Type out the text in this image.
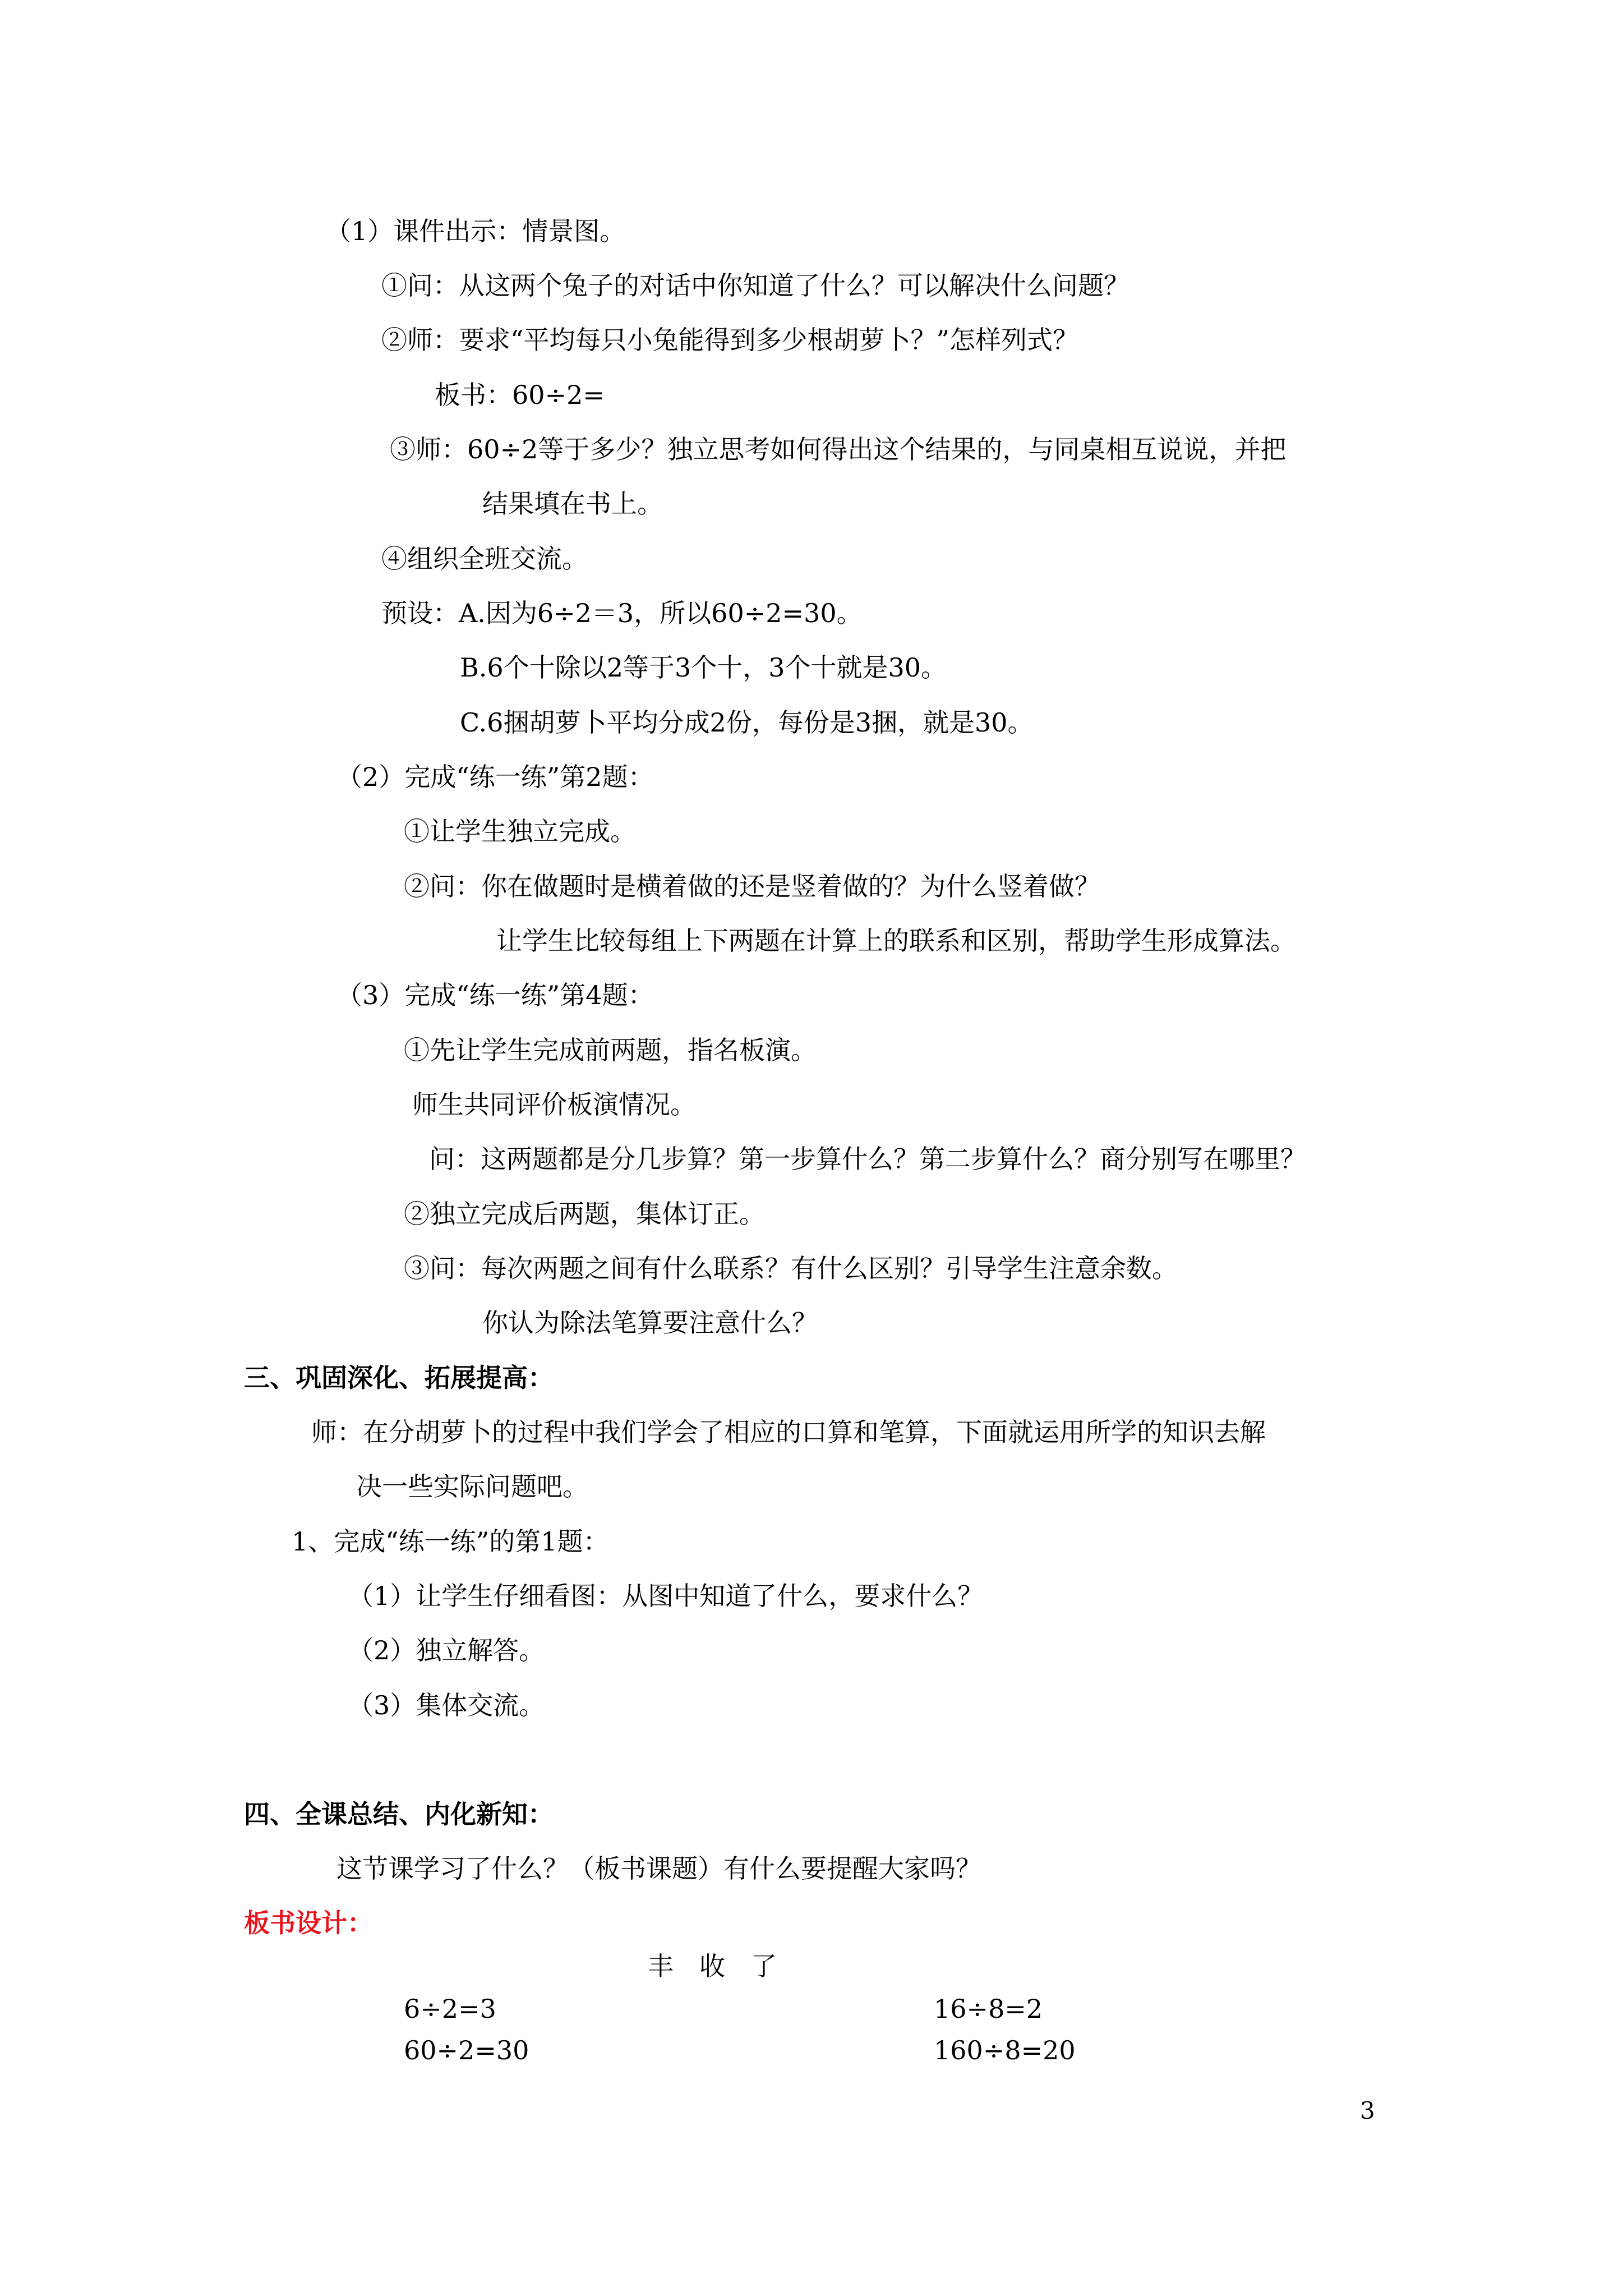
（1）课件出示：情景图。
①问：从这两个兔子的对话中你知道了什么？可以解决什么问题？
②师：要求“平均每只小兔能得到多少根胡萝卜？”怎样列式？
板书：60÷2=
③师：60÷2等于多少？独立思考如何得出这个结果的，与同桌相互说说，并把
结果填在书上。
④组织全班交流。
预设：A.因为6÷2＝3，所以60÷2=30。
B.6个十除以2等于3个十，3个十就是30。
C.6捆胡萝卜平均分成2份，每份是3捆，就是30。
（2）完成“练一练”第2题：
①让学生独立完成。
②问：你在做题时是横着做的还是竖着做的？为什么竖着做？
让学生比较每组上下两题在计算上的联系和区别，帮助学生形成算法。
（3）完成“练一练”第4题：
①先让学生完成前两题，指名板演。
师生共同评价板演情况。
问：这两题都是分几步算？第一步算什么？第二步算什么？商分别写在哪里？
②独立完成后两题，集体订正。
③问：每次两题之间有什么联系？有什么区别？引导学生注意余数。
你认为除法笔算要注意什么？
三、巩固深化、拓展提高：
师：在分胡萝卜的过程中我们学会了相应的口算和笔算，下面就运用所学的知识去解
决一些实际问题吧。
1、完成“练一练”的第1题：
（1）让学生仔细看图：从图中知道了什么，要求什么？
（2）独立解答。
（3）集体交流。
四、全课总结、内化新知：
这节课学习了什么？（板书课题）有什么要提醒大家吗？
板书设计：
丰　收　了
6÷2=3
60÷2=30
16÷8=2
160÷8=20
3
